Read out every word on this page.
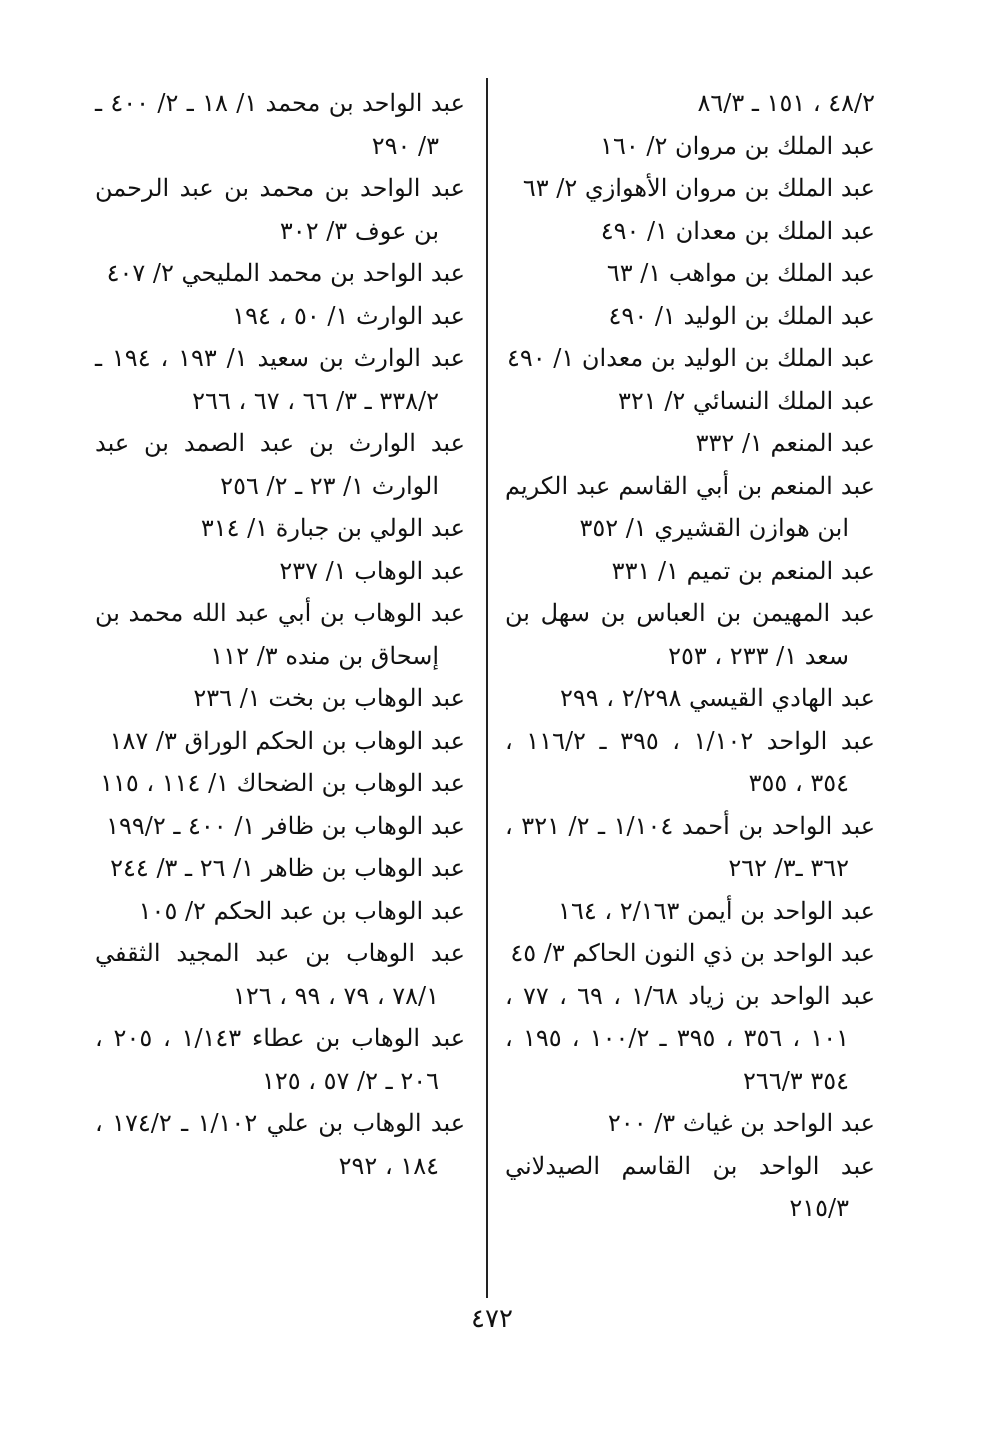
٤٨/٢ ، ١٥١ ـ ٨٦/٣
عبد الملك بن مروان ٢/ ١٦٠
عبد الملك بن مروان الأهوازي ٢/ ٦٣
عبد الملك بن معدان ١/ ٤٩٠
عبد الملك بن مواهب ١/ ٦٣
عبد الملك بن الوليد ١/ ٤٩٠
عبد الملك بن الوليد بن معدان ١/ ٤٩٠
عبد الملك النسائي ٢/ ٣٢١
عبد المنعم ١/ ٣٣٢
عبد المنعم بن أبي القاسم عبد الكريم ابن هوازن القشيري ١/ ٣٥٢
عبد المنعم بن تميم ١/ ٣٣١
عبد المهيمن بن العباس بن سهل بن سعد ١/ ٢٣٣ ، ٢٥٣
عبد الهادي القيسي ٢/٢٩٨ ، ٢٩٩
عبد الواحد ١/١٠٢ ، ٣٩٥ ـ ١١٦/٢ ، ٣٥٤ ، ٣٥٥
عبد الواحد بن أحمد ١/١٠٤ ـ ٢/ ٣٢١ ، ٣٦٢ ـ٣/ ٢٦٢
عبد الواحد بن أيمن ٢/١٦٣ ، ١٦٤
عبد الواحد بن ذي النون الحاكم ٣/ ٤٥
عبد الواحد بن زياد ١/٦٨ ، ٦٩ ، ٧٧ ، ١٠١ ، ٣٥٦ ، ٣٩٥ ـ ١٠٠/٢ ، ١٩٥ ، ٣٥٤ ٢٦٦/٣
عبد الواحد بن غياث ٣/ ٢٠٠
عبد الواحد بن القاسم الصيدلاني ٢١٥/٣
عبد الواحد بن محمد ١/ ١٨ ـ ٢/ ٤٠٠ ـ ٣/ ٢٩٠
عبد الواحد بن محمد بن عبد الرحمن بن عوف ٣/ ٣٠٢
عبد الواحد بن محمد المليحي ٢/ ٤٠٧
عبد الوارث ١/ ٥٠ ، ١٩٤
عبد الوارث بن سعيد ١/ ١٩٣ ، ١٩٤ ـ ٣٣٨/٢ ـ ٣/ ٦٦ ، ٦٧ ، ٢٦٦
عبد الوارث بن عبد الصمد بن عبد الوارث ١/ ٢٣ ـ ٢/ ٢٥٦
عبد الولي بن جبارة ١/ ٣١٤
عبد الوهاب ١/ ٢٣٧
عبد الوهاب بن أبي عبد الله محمد بن إسحاق بن منده ٣/ ١١٢
عبد الوهاب بن بخت ١/ ٢٣٦
عبد الوهاب بن الحكم الوراق ٣/ ١٨٧
عبد الوهاب بن الضحاك ١/ ١١٤ ، ١١٥
عبد الوهاب بن ظافر ١/ ٤٠٠ ـ ١٩٩/٢
عبد الوهاب بن ظاهر ١/ ٢٦ ـ ٣/ ٢٤٤
عبد الوهاب بن عبد الحكم ٢/ ١٠٥
عبد الوهاب بن عبد المجيد الثقفي ٧٨/١ ، ٧٩ ، ٩٩ ، ١٢٦
عبد الوهاب بن عطاء ١/١٤٣ ، ٢٠٥ ، ٢٠٦ ـ ٢/ ٥٧ ، ١٢٥
عبد الوهاب بن علي ١/١٠٢ ـ ١٧٤/٢ ، ١٨٤ ، ٢٩٢
٤٧٢
